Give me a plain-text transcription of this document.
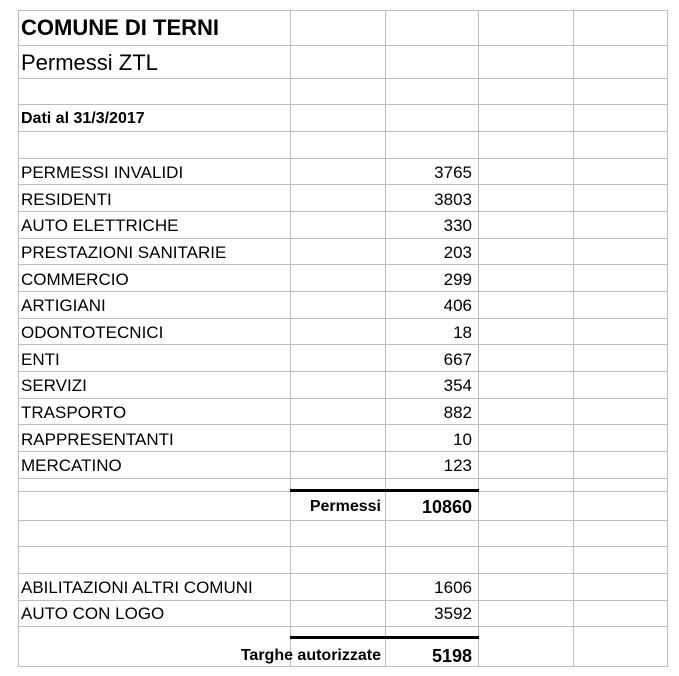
COMUNE DI TERNI
Permessi ZTL
Dati al 31/3/2017
PERMESSI INVALIDI	3765
RESIDENTI	3803
AUTO ELETTRICHE	330
PRESTAZIONI SANITARIE	203
COMMERCIO	299
ARTIGIANI	406
ODONTOTECNICI	18
ENTI	667
SERVIZI	354
TRASPORTO	882
RAPPRESENTANTI	10
MERCATINO	123
Permessi 10860
ABILITAZIONI ALTRI COMUNI	1606
AUTO CON LOGO	3592
Targhe autorizzate	5198
